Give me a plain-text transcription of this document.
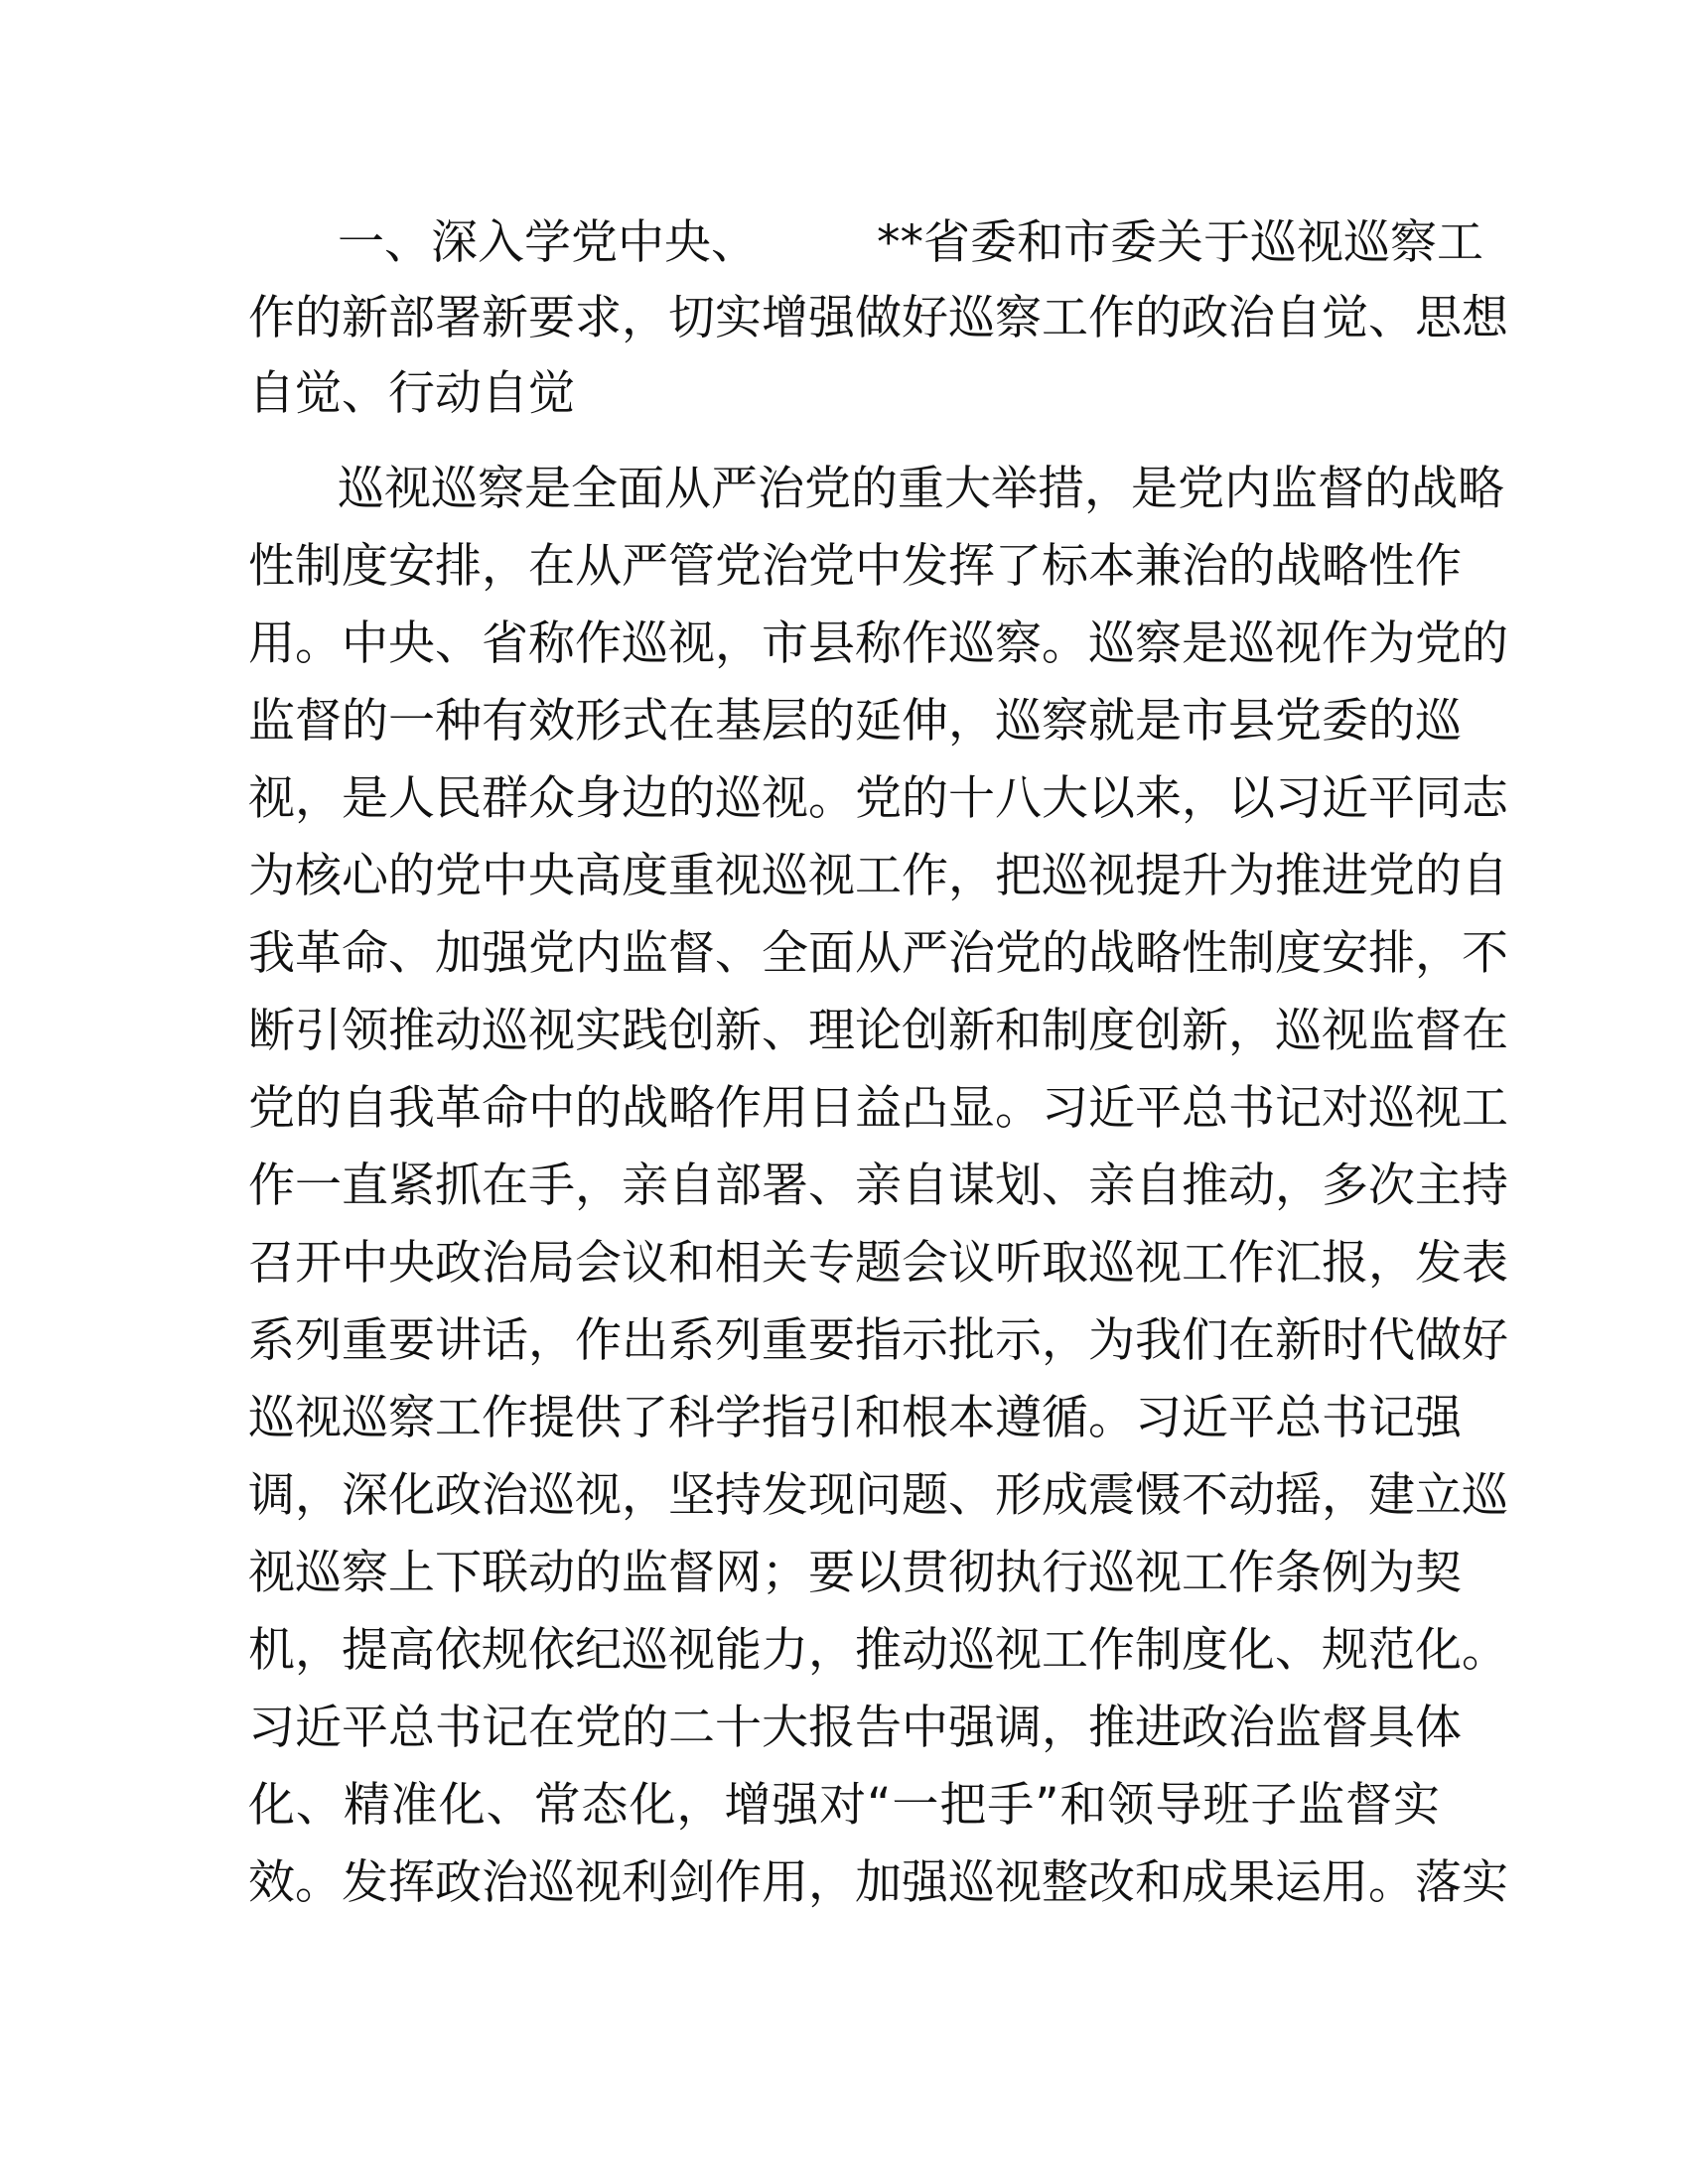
一、深入学党中央、	**省委和市委关于巡视巡察工
作的新部署新要求，切实增强做好巡察工作的政治自觉、思想
自觉、行动自觉
巡视巡察是全面从严治党的重大举措，是党内监督的战略
性制度安排，在从严管党治党中发挥了标本兼治的战略性作
用。中央、省称作巡视，市县称作巡察。巡察是巡视作为党的
监督的一种有效形式在基层的延伸，巡察就是市县党委的巡
视，是人民群众身边的巡视。党的十八大以来，以习近平同志
为核心的党中央高度重视巡视工作，把巡视提升为推进党的自
我革命、加强党内监督、全面从严治党的战略性制度安排，不
断引领推动巡视实践创新、理论创新和制度创新，巡视监督在
党的自我革命中的战略作用日益凸显。习近平总书记对巡视工
作一直紧抓在手，亲自部署、亲自谋划、亲自推动，多次主持
召开中央政治局会议和相关专题会议听取巡视工作汇报，发表
系列重要讲话，作出系列重要指示批示，为我们在新时代做好
巡视巡察工作提供了科学指引和根本遵循。习近平总书记强
调，深化政治巡视，坚持发现问题、形成震慑不动摇，建立巡
视巡察上下联动的监督网；要以贯彻执行巡视工作条例为契
机，提高依规依纪巡视能力，推动巡视工作制度化、规范化。
习近平总书记在党的二十大报告中强调，推进政治监督具体
化、精准化、常态化，增强对“一把手”和领导班子监督实
效。发挥政治巡视利剑作用，加强巡视整改和成果运用。落实
